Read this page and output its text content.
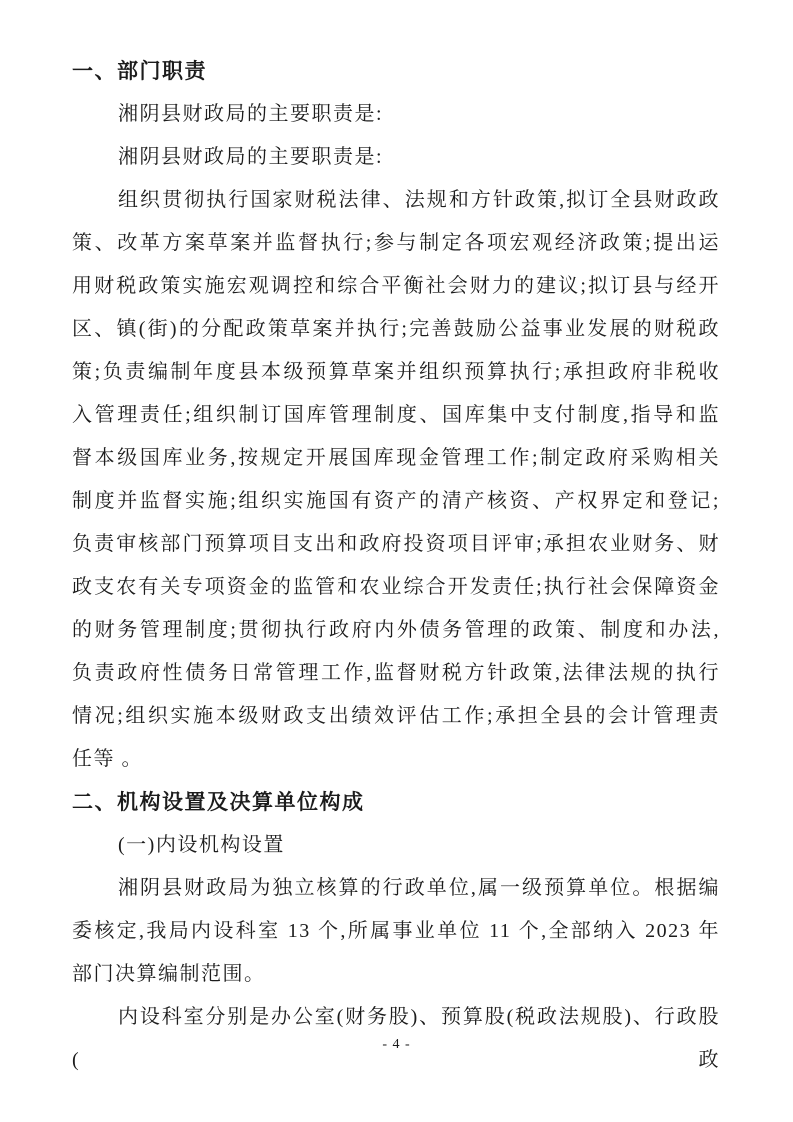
一、部门职责
湘阴县财政局的主要职责是:
湘阴县财政局的主要职责是:
组织贯彻执行国家财税法律、法规和方针政策,拟订全县财政政
策、改革方案草案并监督执行;参与制定各项宏观经济政策;提出运
用财税政策实施宏观调控和综合平衡社会财力的建议;拟订县与经开
区、镇(街)的分配政策草案并执行;完善鼓励公益事业发展的财税政
策;负责编制年度县本级预算草案并组织预算执行;承担政府非税收
入管理责任;组织制订国库管理制度、国库集中支付制度,指导和监
督本级国库业务,按规定开展国库现金管理工作;制定政府采购相关
制度并监督实施;组织实施国有资产的清产核资、产权界定和登记;
负责审核部门预算项目支出和政府投资项目评审;承担农业财务、财
政支农有关专项资金的监管和农业综合开发责任;执行社会保障资金
的财务管理制度;贯彻执行政府内外债务管理的政策、制度和办法,
负责政府性债务日常管理工作,监督财税方针政策,法律法规的执行
情况;组织实施本级财政支出绩效评估工作;承担全县的会计管理责
任等 。
二、机构设置及决算单位构成
(一)内设机构设置
湘阴县财政局为独立核算的行政单位,属一级预算单位。根据编
委核定,我局内设科室 13 个,所属事业单位 11 个,全部纳入 2023 年
部门决算编制范围。
内设科室分别是办公室(财务股)、预算股(税政法规股)、行政股(政
- 4 -
